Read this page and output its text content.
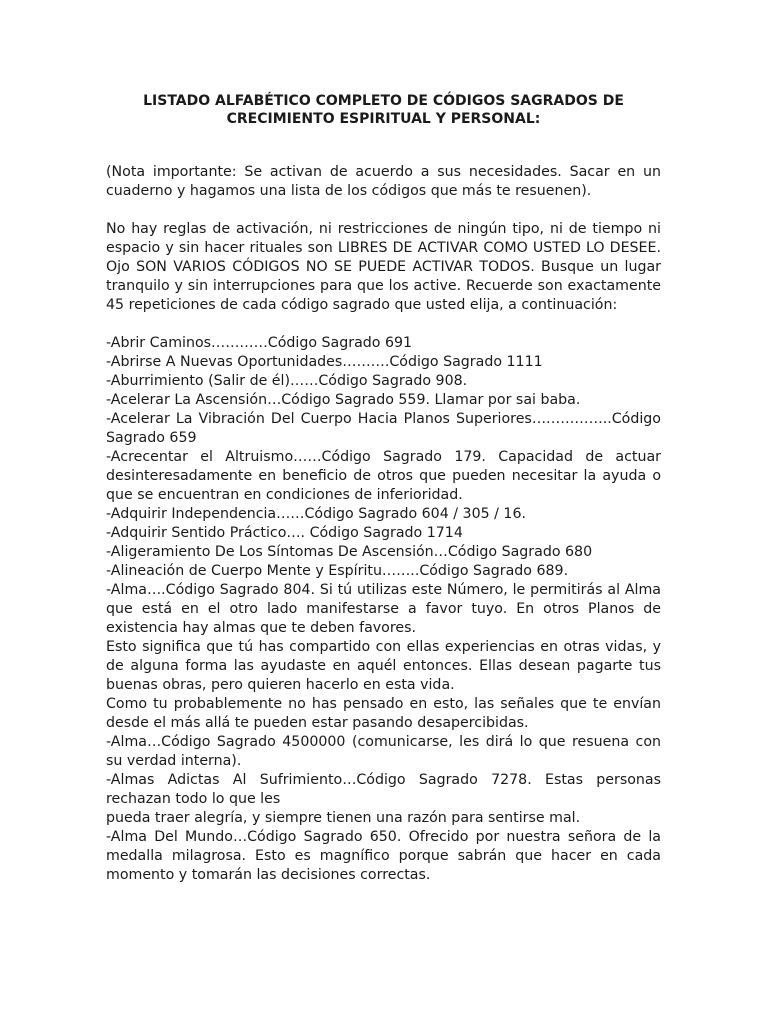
LISTADO ALFABÉTICO COMPLETO DE CÓDIGOS SAGRADOS DE CRECIMIENTO ESPIRITUAL Y PERSONAL:

(Nota importante: Se activan de acuerdo a sus necesidades. Sacar en un cuaderno y hagamos una lista de los códigos que más te resuenen).

No hay reglas de activación, ni restricciones de ningún tipo, ni de tiempo ni espacio y sin hacer rituales son LIBRES DE ACTIVAR COMO USTED LO DESEE. Ojo SON VARIOS CÓDIGOS NO SE PUEDE ACTIVAR TODOS. Busque un lugar tranquilo y sin interrupciones para que los active. Recuerde son exactamente 45 repeticiones de cada código sagrado que usted elija, a continuación:

-Abrir Caminos…………Código Sagrado 691

-Abrirse A Nuevas Oportunidades……….Código Sagrado 1111

-Aburrimiento (Salir de él)……Código Sagrado 908.

-Acelerar La Ascensión…Código Sagrado 559. Llamar por sai baba.

-Acelerar La Vibración Del Cuerpo Hacia Planos Superiores……………..Código Sagrado 659

-Acrecentar el Altruismo……Código Sagrado 179. Capacidad de actuar desinteresadamente en beneficio de otros que pueden necesitar la ayuda o que se encuentran en condiciones de inferioridad.

-Adquirir Independencia……Código Sagrado 604 / 305 / 16.

-Adquirir Sentido Práctico…. Código Sagrado 1714

-Aligeramiento De Los Síntomas De Ascensión…Código Sagrado 680

-Alineación de Cuerpo Mente y Espíritu……..Código Sagrado 689.

-Alma….Código Sagrado 804. Si tú utilizas este Número, le permitirás al Alma que está en el otro lado manifestarse a favor tuyo. En otros Planos de existencia hay almas que te deben favores.

Esto significa que tú has compartido con ellas experiencias en otras vidas, y de alguna forma las ayudaste en aquél entonces. Ellas desean pagarte tus buenas obras, pero quieren hacerlo en esta vida.

Como tu probablemente no has pensado en esto, las señales que te envían desde el más allá te pueden estar pasando desapercibidas.

-Alma…Código Sagrado 4500000 (comunicarse, les dirá lo que resuena con su verdad interna).

-Almas Adictas Al Sufrimiento…Código Sagrado 7278. Estas personas rechazan todo lo que les

pueda traer alegría, y siempre tienen una razón para sentirse mal.

-Alma Del Mundo…Código Sagrado 650. Ofrecido por nuestra señora de la medalla milagrosa. Esto es magnífico porque sabrán que hacer en cada momento y tomarán las decisiones correctas.
